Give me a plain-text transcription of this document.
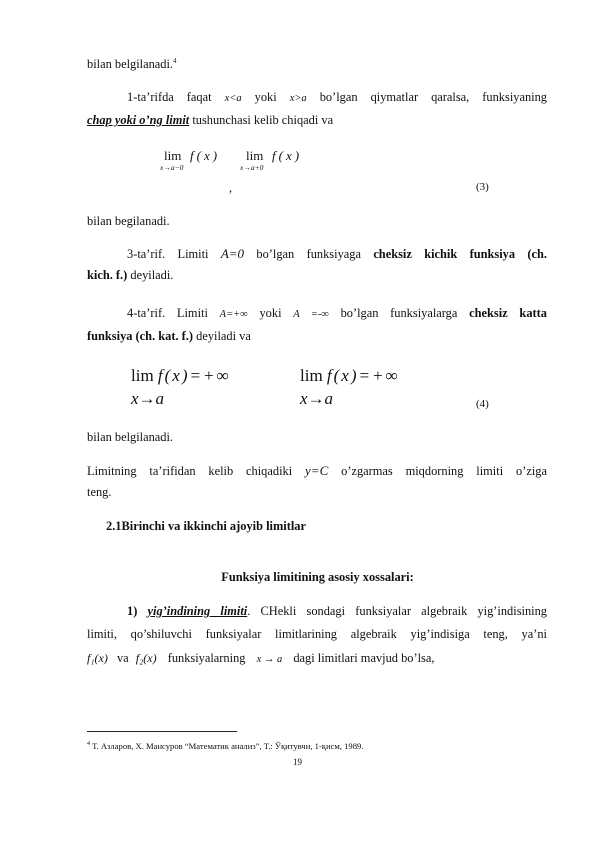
bilan belgilanadi.$^4$
1-ta’rifda faqat x<a yoki x>a bo’lgan qiymatlar qaralsa, funksiyaning
chap yoki o’ng limit tushunchasi kelib chiqadi va
lim
x→a−0
f(x) lim
x→a+0
f(x)
,	(3)
bilan begilanadi.
3-ta’rif. Limiti A=0 bo’lgan funksiyaga cheksiz kichik funksiya (ch.
kich. f.) deyiladi.
4-ta’rif. Limiti A=+∞ yoki A =-∞ bo’lgan funksiyalarga cheksiz katta
funksiya (ch. kat. f.) deyiladi va
lim f(x)=+∞
x→a
lim f(x)=+∞
x→a	(4)
bilan belgilanadi.
Limitning ta’rifidan kelib chiqadiki y=C o’zgarmas miqdorning limiti o’ziga
teng.
2.1Birinchi va ikkinchi ajoyib limitlar
Funksiya limitining asosiy xossalari:
1) yig’indining limiti. CHekli sondagi funksiyalar algebraik yig’indisining
limiti, qo’shiluvchi funksiyalar limitlarining algebraik yig’indisiga teng, ya’ni
f₁(x) va f₂(x) funksiyalarning x → a dagi limitlari mavjud bo’lsa,
$^4$ Т. Азларов, Х. Мансуров “Математик анализ”, Т.: Ўқитувчи, 1-қисм, 1989.
19
